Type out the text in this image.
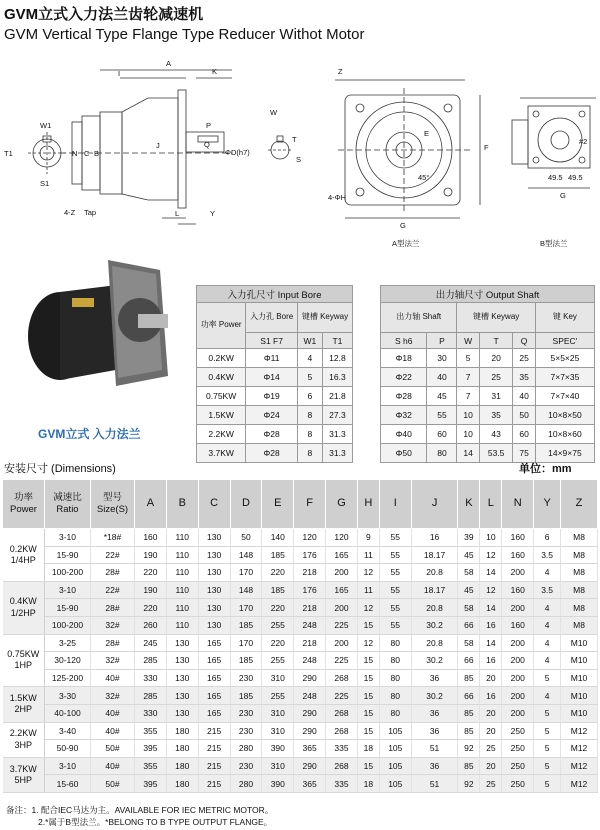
GVM立式入力法兰齿轮减速机
GVM Vertical Type Flange Type Reducer Withot Motor
W1
T1	N C B
S1
4-Z Tap
I
A
K
P
W
Q
J
ΦD(h7)
T
S
L	Y
Z
E
F
45°
4-ΦH
G
A型法兰
#2
49.5 49.5
G
B型法兰
GVM立式 入力法兰
入力孔尺寸 Input Bore			
功率 Power	入力孔 Bore	键槽 Keyway	
	S1 F7	W1	T1
0.2KW	Φ11	4	12.8
0.4KW	Φ14	5	16.3
0.75KW	Φ19	6	21.8
1.5KW	Φ24	8	27.3
2.2KW	Φ28	8	31.3
3.7KW	Φ28	8	31.3
出力轴尺寸 Output Shaft					
出力轴 Shaft		键槽 Keyway			键 Key
S h6	P	W	T	Q	SPEC'
Φ18	30	5	20	25	5×5×25
Φ22	40	7	25	35	7×7×35
Φ28	45	7	31	40	7×7×40
Φ32	55	10	35	50	10×8×50
Φ40	60	10	43	60	10×8×60
Φ50	80	14	53.5	75	14×9×75
安装尺寸 (Dimensions)	单位：mm
功率
Power	减速比
Ratio	型号
Size(S)	A	B	C	D	E	F	G	H	I	J	K	L	N	Y	Z
0.2KW
1/4HP	3-10	*18#	160	110	130	50	140	120	120	9	55	16	39	10	160	6	M8
	15-90	22#	190	110	130	148	185	176	165	11	55	18.17	45	12	160	3.5	M8
	100-200	28#	220	110	130	170	220	218	200	12	55	20.8	58	14	200	4	M8
0.4KW
1/2HP	3-10	22#	190	110	130	148	185	176	165	11	55	18.17	45	12	160	3.5	M8
	15-90	28#	220	110	130	170	220	218	200	12	55	20.8	58	14	200	4	M8
	100-200	32#	260	110	130	185	255	248	225	15	55	30.2	66	16	160	4	M8
0.75KW
1HP	3-25	28#	245	130	165	170	220	218	200	12	80	20.8	58	14	200	4	M10
	30-120	32#	285	130	165	185	255	248	225	15	80	30.2	66	16	200	4	M10
	125-200	40#	330	130	165	230	310	290	268	15	80	36	85	20	200	5	M10
1.5KW
2HP	3-30	32#	285	130	165	185	255	248	225	15	80	30.2	66	16	200	4	M10
	40-100	40#	330	130	165	230	310	290	268	15	80	36	85	20	200	5	M10
2.2KW
3HP	3-40	40#	355	180	215	230	310	290	268	15	105	36	85	20	250	5	M12
	50-90	50#	395	180	215	280	390	365	335	18	105	51	92	25	250	5	M12
3.7KW
5HP	3-10	40#	355	180	215	230	310	290	268	15	105	36	85	20	250	5	M12
	15-60	50#	395	180	215	280	390	365	335	18	105	51	92	25	250	5	M12
备注：1. 配合IEC马达为主。AVAILABLE FOR IEC METRIC MOTOR。
2.*属于B型法兰。*BELONG TO B TYPE OUTPUT FLANGE。
